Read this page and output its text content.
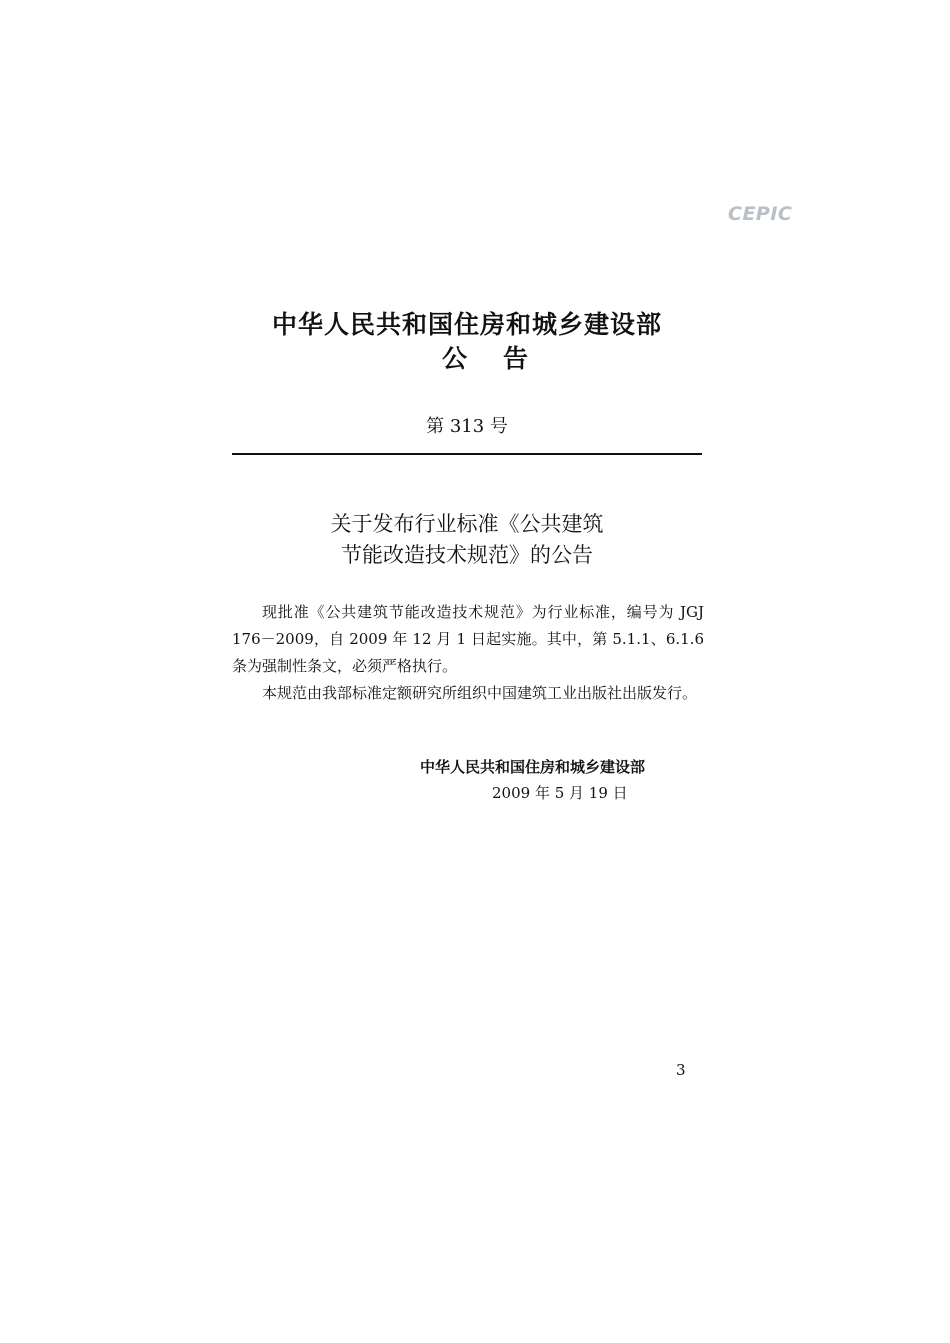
CEPIC
中华人民共和国住房和城乡建设部
公告
第 313 号
关于发布行业标准《公共建筑
节能改造技术规范》的公告

现批准《公共建筑节能改造技术规范》为行业标准，编号为 JGJ 176－2009，自 2009 年 12 月 1 日起实施。其中，第 5.1.1、6.1.6 条为强制性条文，必须严格执行。

本规范由我部标准定额研究所组织中国建筑工业出版社出版发行。

中华人民共和国住房和城乡建设部
2009 年 5 月 19 日
3
